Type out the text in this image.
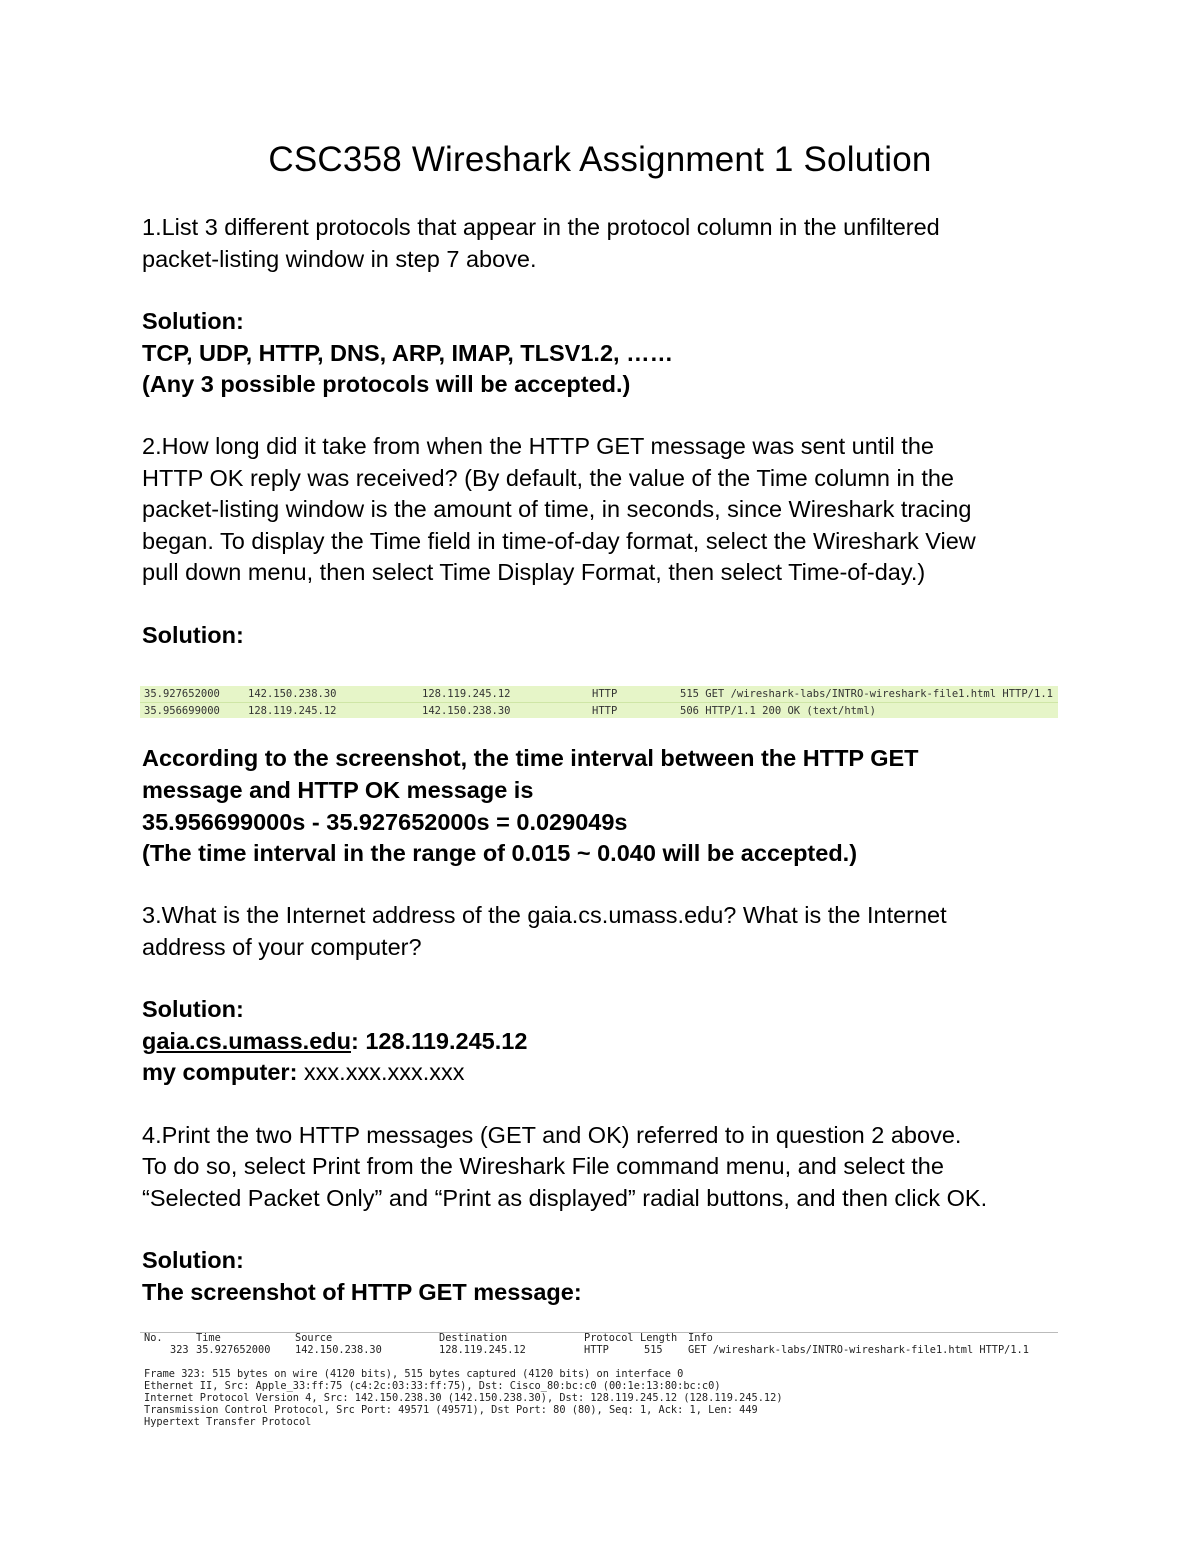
CSC358 Wireshark Assignment 1 Solution
1.List 3 different protocols that appear in the protocol column in the unfiltered
packet-listing window in step 7 above.
Solution:
TCP, UDP, HTTP, DNS, ARP, IMAP, TLSV1.2, ……
(Any 3 possible protocols will be accepted.)
2.How long did it take from when the HTTP GET message was sent until the
HTTP OK reply was received? (By default, the value of the Time column in the
packet-listing window is the amount of time, in seconds, since Wireshark tracing
began. To display the Time field in time-of-day format, select the Wireshark View
pull down menu, then select Time Display Format, then select Time-of-day.)
Solution:
35.927652000	142.150.238.30	128.119.245.12	HTTP	515 GET /wireshark-labs/INTRO-wireshark-file1.html HTTP/1.1
35.956699000	128.119.245.12	142.150.238.30	HTTP	506 HTTP/1.1 200 OK (text/html)
According to the screenshot, the time interval between the HTTP GET
message and HTTP OK message is
35.956699000s - 35.927652000s = 0.029049s
(The time interval in the range of 0.015 ~ 0.040 will be accepted.)
3.What is the Internet address of the gaia.cs.umass.edu? What is the Internet
address of your computer?
Solution:
gaia.cs.umass.edu: 128.119.245.12
my computer: xxx.xxx.xxx.xxx
4.Print the two HTTP messages (GET and OK) referred to in question 2 above.
To do so, select Print from the Wireshark File command menu, and select the
“Selected Packet Only” and “Print as displayed” radial buttons, and then click OK.
Solution:
The screenshot of HTTP GET message:
No.	Time	Source	Destination	Protocol Length Info
323 35.927652000 142.150.238.30	128.119.245.12	HTTP	515 GET /wireshark-labs/INTRO-wireshark-file1.html HTTP/1.1
Frame 323: 515 bytes on wire (4120 bits), 515 bytes captured (4120 bits) on interface 0
Ethernet II, Src: Apple_33:ff:75 (c4:2c:03:33:ff:75), Dst: Cisco_80:bc:c0 (00:1e:13:80:bc:c0)
Internet Protocol Version 4, Src: 142.150.238.30 (142.150.238.30), Dst: 128.119.245.12 (128.119.245.12)
Transmission Control Protocol, Src Port: 49571 (49571), Dst Port: 80 (80), Seq: 1, Ack: 1, Len: 449
Hypertext Transfer Protocol
